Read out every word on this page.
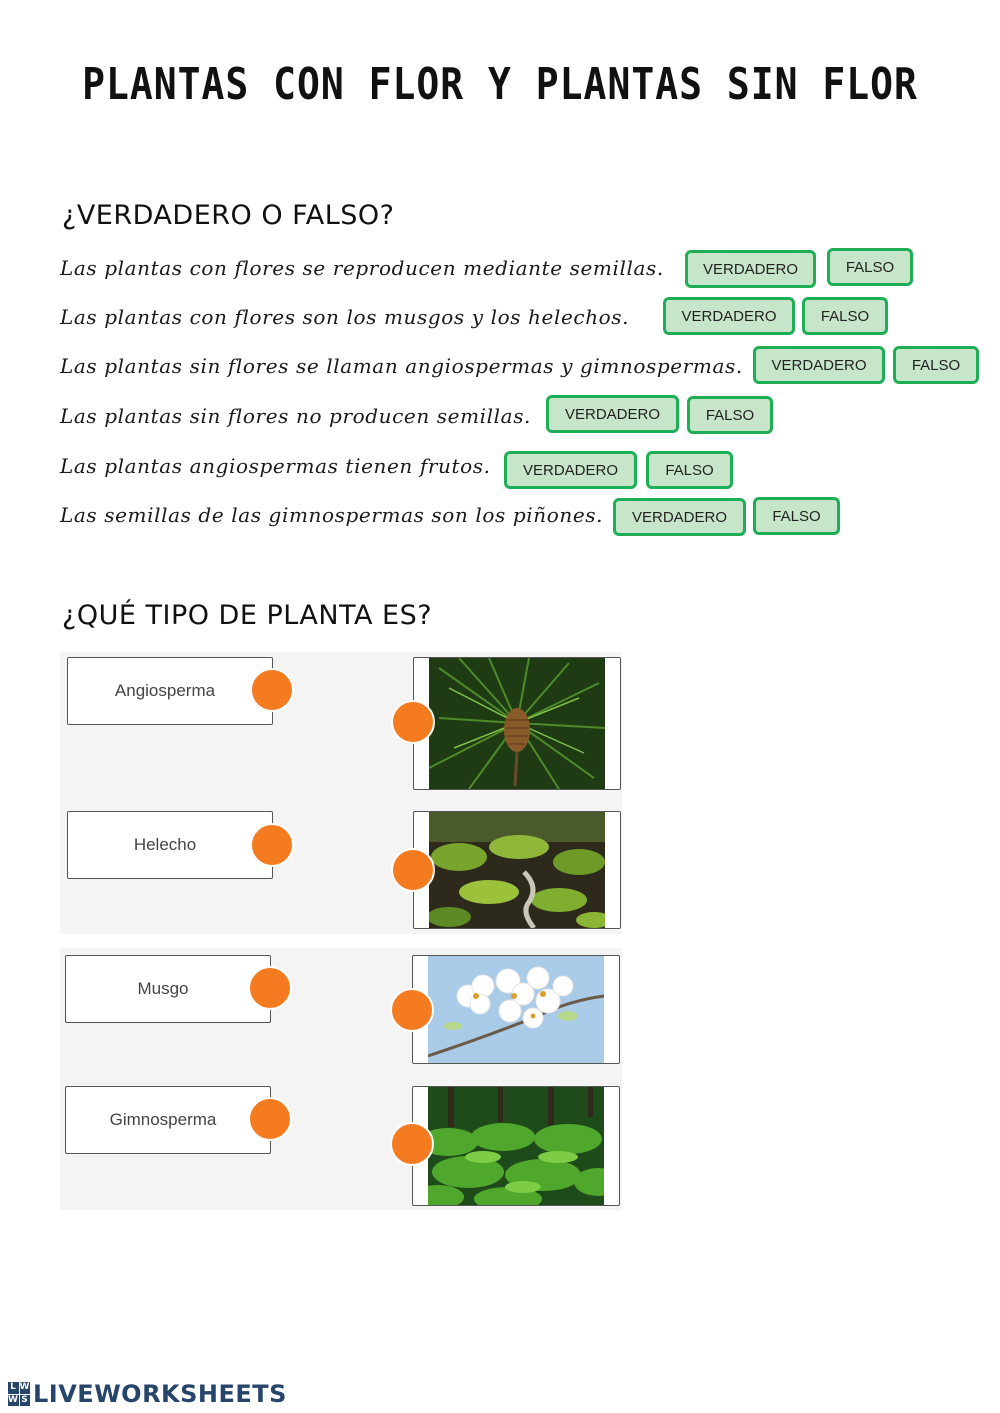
PLANTAS CON FLOR Y PLANTAS SIN FLOR
¿VERDADERO O FALSO?
Las plantas con flores se reproducen mediante semillas.	VERDADERO	FALSO
Las plantas con flores son los musgos y los helechos.	VERDADERO	FALSO
Las plantas sin flores se llaman angiospermas y gimnospermas.	VERDADERO	FALSO
Las plantas sin flores no producen semillas.	VERDADERO	FALSO
Las plantas angiospermas tienen frutos.	VERDADERO	FALSO
Las semillas de las gimnospermas son los piñones.	VERDADERO	FALSO
¿QUÉ TIPO DE PLANTA ES?
Angiosperma
Helecho
Musgo
Gimnosperma
L W
W S LIVEWORKSHEETS
